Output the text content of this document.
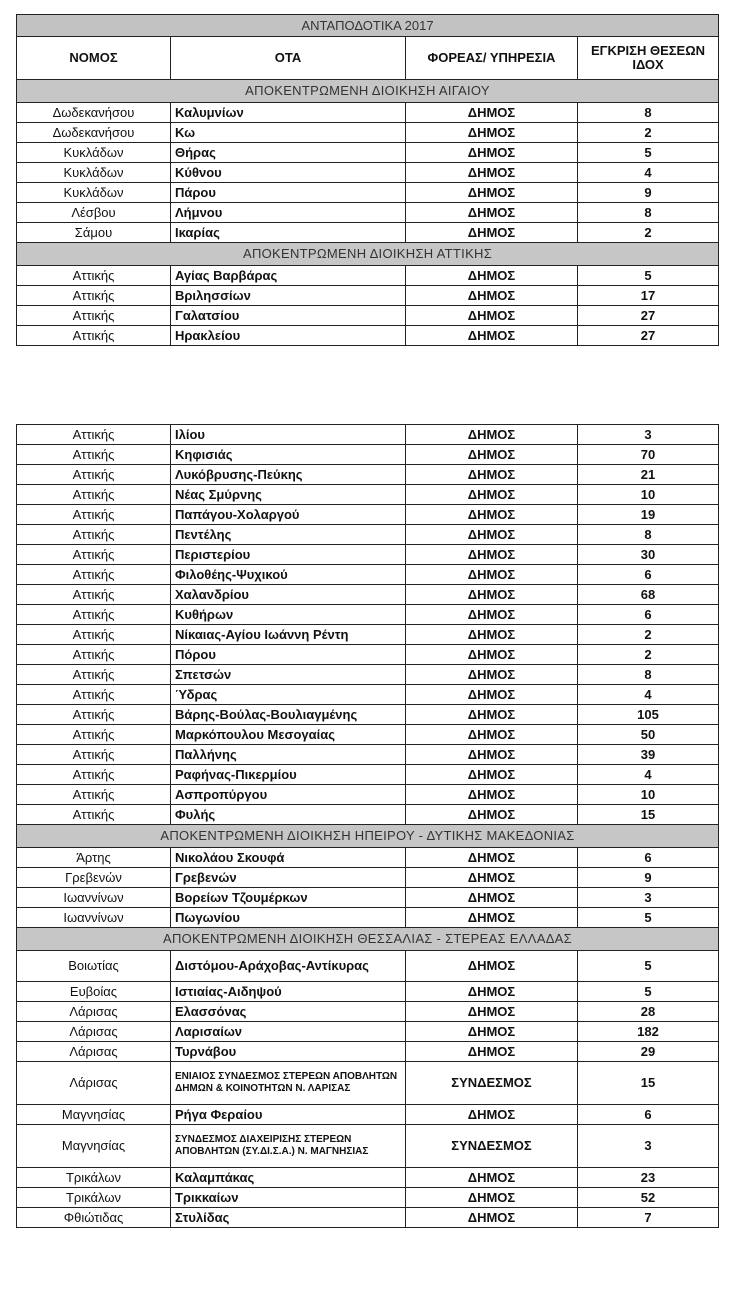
ΑΝΤΑΠΟΔΟΤΙΚΑ 2017			
ΝΟΜΟΣ	ΟΤΑ	ΦΟΡΕΑΣ/ ΥΠΗΡΕΣΙΑ	ΕΓΚΡΙΣΗ ΘΕΣΕΩΝ ΙΔΟΧ
ΑΠΟΚΕΝΤΡΩΜΕΝΗ ΔΙΟΙΚΗΣΗ ΑΙΓΑΙΟΥ			
Δωδεκανήσου	Καλυμνίων	ΔΗΜΟΣ	8
Δωδεκανήσου	Κω	ΔΗΜΟΣ	2
Κυκλάδων	Θήρας	ΔΗΜΟΣ	5
Κυκλάδων	Κύθνου	ΔΗΜΟΣ	4
Κυκλάδων	Πάρου	ΔΗΜΟΣ	9
Λέσβου	Λήμνου	ΔΗΜΟΣ	8
Σάμου	Ικαρίας	ΔΗΜΟΣ	2
ΑΠΟΚΕΝΤΡΩΜΕΝΗ ΔΙΟΙΚΗΣΗ ΑΤΤΙΚΗΣ			
Αττικής	Αγίας Βαρβάρας	ΔΗΜΟΣ	5
Αττικής	Βριλησσίων	ΔΗΜΟΣ	17
Αττικής	Γαλατσίου	ΔΗΜΟΣ	27
Αττικής	Ηρακλείου	ΔΗΜΟΣ	27
Αττικής	Ιλίου	ΔΗΜΟΣ	3
Αττικής	Κηφισιάς	ΔΗΜΟΣ	70
Αττικής	Λυκόβρυσης-Πεύκης	ΔΗΜΟΣ	21
Αττικής	Νέας Σμύρνης	ΔΗΜΟΣ	10
Αττικής	Παπάγου-Χολαργού	ΔΗΜΟΣ	19
Αττικής	Πεντέλης	ΔΗΜΟΣ	8
Αττικής	Περιστερίου	ΔΗΜΟΣ	30
Αττικής	Φιλοθέης-Ψυχικού	ΔΗΜΟΣ	6
Αττικής	Χαλανδρίου	ΔΗΜΟΣ	68
Αττικής	Κυθήρων	ΔΗΜΟΣ	6
Αττικής	Νίκαιας-Αγίου Ιωάννη Ρέντη	ΔΗΜΟΣ	2
Αττικής	Πόρου	ΔΗΜΟΣ	2
Αττικής	Σπετσών	ΔΗΜΟΣ	8
Αττικής	Ύδρας	ΔΗΜΟΣ	4
Αττικής	Βάρης-Βούλας-Βουλιαγμένης	ΔΗΜΟΣ	105
Αττικής	Μαρκόπουλου Μεσογαίας	ΔΗΜΟΣ	50
Αττικής	Παλλήνης	ΔΗΜΟΣ	39
Αττικής	Ραφήνας-Πικερμίου	ΔΗΜΟΣ	4
Αττικής	Ασπροπύργου	ΔΗΜΟΣ	10
Αττικής	Φυλής	ΔΗΜΟΣ	15
ΑΠΟΚΕΝΤΡΩΜΕΝΗ ΔΙΟΙΚΗΣΗ ΗΠΕΙΡΟΥ - ΔΥΤΙΚΗΣ ΜΑΚΕΔΟΝΙΑΣ			
Άρτης	Νικολάου Σκουφά	ΔΗΜΟΣ	6
Γρεβενών	Γρεβενών	ΔΗΜΟΣ	9
Ιωαννίνων	Βορείων Τζουμέρκων	ΔΗΜΟΣ	3
Ιωαννίνων	Πωγωνίου	ΔΗΜΟΣ	5
ΑΠΟΚΕΝΤΡΩΜΕΝΗ ΔΙΟΙΚΗΣΗ ΘΕΣΣΑΛΙΑΣ - ΣΤΕΡΕΑΣ ΕΛΛΑΔΑΣ			
Βοιωτίας	Διστόμου-Αράχοβας-Αντίκυρας	ΔΗΜΟΣ	5
Ευβοίας	Ιστιαίας-Αιδηψού	ΔΗΜΟΣ	5
Λάρισας	Ελασσόνας	ΔΗΜΟΣ	28
Λάρισας	Λαρισαίων	ΔΗΜΟΣ	182
Λάρισας	Τυρνάβου	ΔΗΜΟΣ	29
Λάρισας	ΕΝΙΑΙΟΣ ΣΥΝΔΕΣΜΟΣ ΣΤΕΡΕΩΝ ΑΠΟΒΛΗΤΩΝ ΔΗΜΩΝ & ΚΟΙΝΟΤΗΤΩΝ Ν. ΛΑΡΙΣΑΣ	ΣΥΝΔΕΣΜΟΣ	15
Μαγνησίας	Ρήγα Φεραίου	ΔΗΜΟΣ	6
Μαγνησίας	ΣΥΝΔΕΣΜΟΣ ΔΙΑΧΕΙΡΙΣΗΣ ΣΤΕΡΕΩΝ ΑΠΟΒΛΗΤΩΝ (ΣΥ.ΔΙ.Σ.Α.) Ν. ΜΑΓΝΗΣΙΑΣ	ΣΥΝΔΕΣΜΟΣ	3
Τρικάλων	Καλαμπάκας	ΔΗΜΟΣ	23
Τρικάλων	Τρικκαίων	ΔΗΜΟΣ	52
Φθιώτιδας	Στυλίδας	ΔΗΜΟΣ	7
